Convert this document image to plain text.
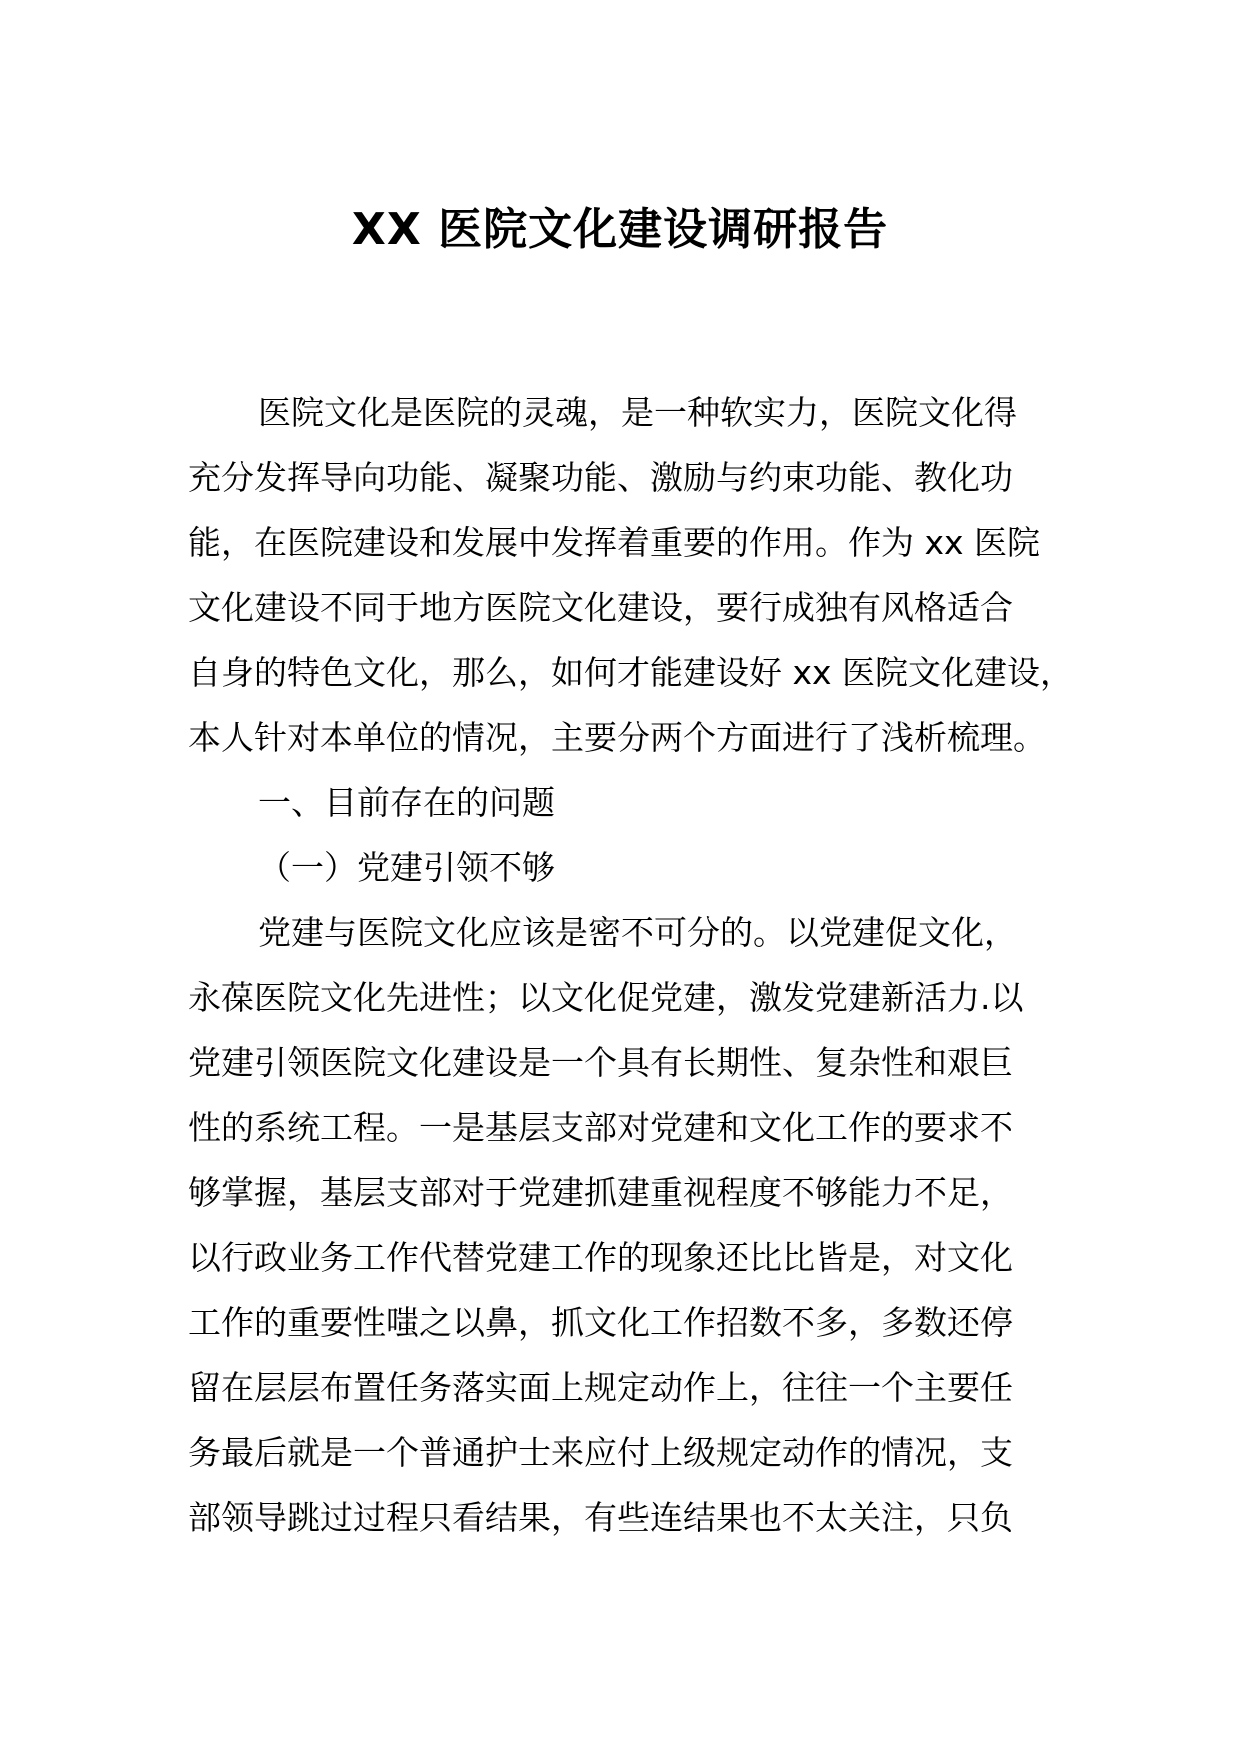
XX 医院文化建设调研报告
医院文化是医院的灵魂，是一种软实力，医院文化得
充分发挥导向功能、凝聚功能、激励与约束功能、教化功
能，在医院建设和发展中发挥着重要的作用。作为 xx 医院
文化建设不同于地方医院文化建设，要行成独有风格适合
自身的特色文化，那么，如何才能建设好 xx 医院文化建设，
本人针对本单位的情况，主要分两个方面进行了浅析梳理。
一、目前存在的问题
（一）党建引领不够
党建与医院文化应该是密不可分的。以党建促文化，
永葆医院文化先进性；以文化促党建，激发党建新活力.以
党建引领医院文化建设是一个具有长期性、复杂性和艰巨
性的系统工程。一是基层支部对党建和文化工作的要求不
够掌握，基层支部对于党建抓建重视程度不够能力不足，
以行政业务工作代替党建工作的现象还比比皆是，对文化
工作的重要性嗤之以鼻，抓文化工作招数不多，多数还停
留在层层布置任务落实面上规定动作上，往往一个主要任
务最后就是一个普通护士来应付上级规定动作的情况，支
部领导跳过过程只看结果，有些连结果也不太关注，只负
